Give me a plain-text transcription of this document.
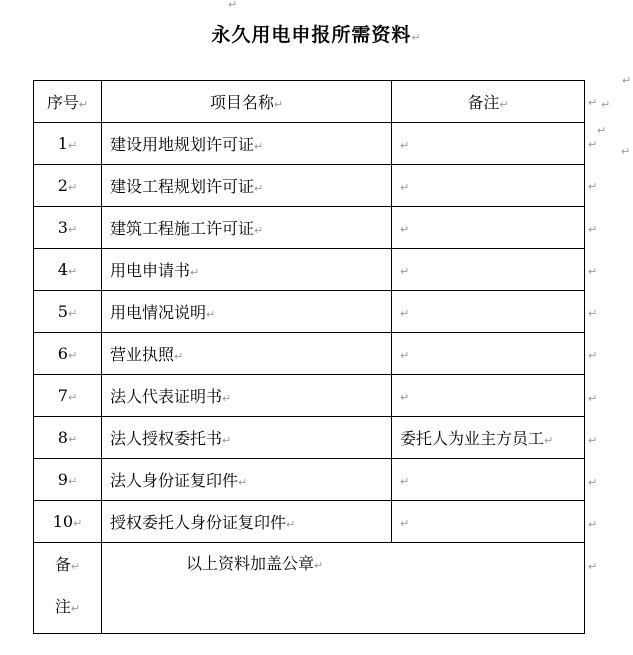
↵
永久用电申报所需资料↵
序号↵	项目名称↵	备注↵
1↵	建设用地规划许可证↵	↵
2↵	建设工程规划许可证↵	↵
3↵	建筑工程施工许可证↵	↵
4↵	用电申请书↵	↵
5↵	用电情况说明↵	↵
6↵	营业执照↵	↵
7↵	法人代表证明书↵	↵
8↵	法人授权委托书↵	委托人为业主方员工↵
9↵	法人身份证复印件↵	↵
10↵	授权委托人身份证复印件↵	↵

备↵
注↵	以上资料加盖公章↵	
↵
↵
↵
↵
↵
↵
↵
↵
↵
↵
↵
↵
↵
↵
↵
↵
